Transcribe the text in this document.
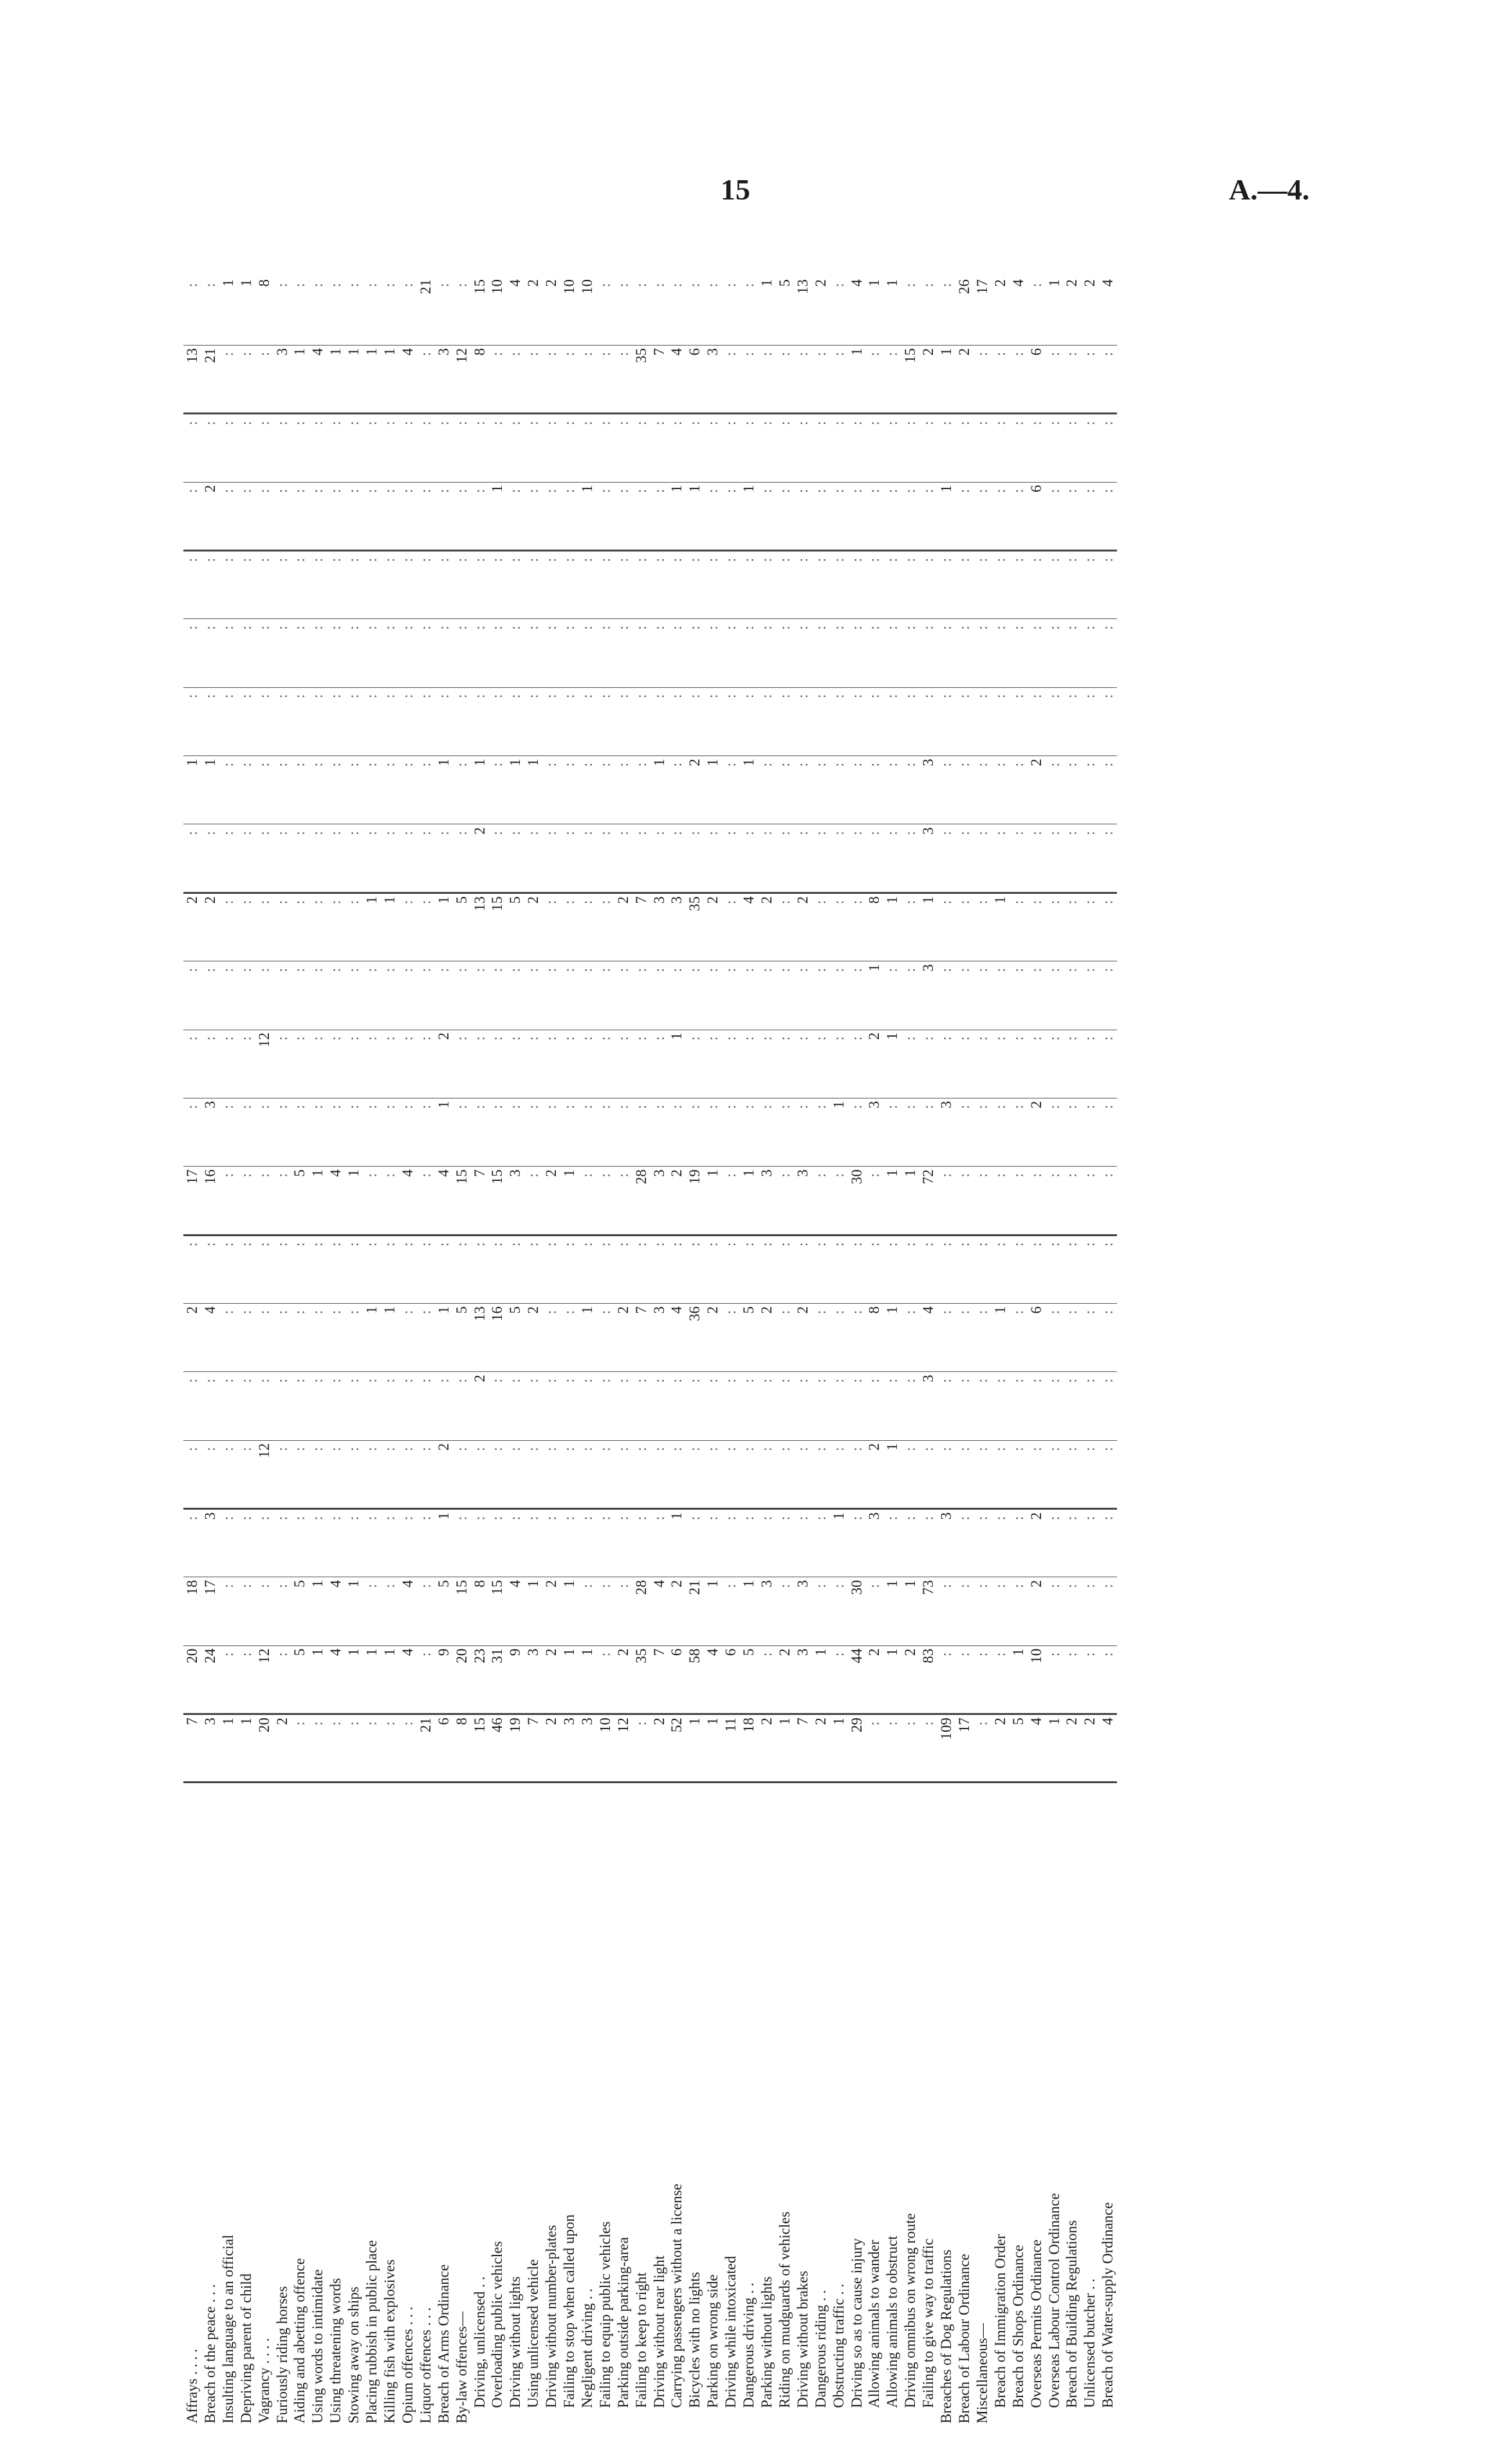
15	A.—4.
Affrays . . . .	7	20	18	:	:	:	2	:	17	:	:	:	2	:	1	:	:	:	:	:	13	:
Breach of the peace . . .	3	24	17	3	:	:	4	:	16	3	:	:	2	:	1	:	:	:	2	:	21	:
Insulting language to an official	1	:	:	:	:	:	:	:	:	:	:	:	:	:	:	:	:	:	:	:	:	1
Depriving parent of child	1	:	:	:	:	:	:	:	:	:	:	:	:	:	:	:	:	:	:	:	:	1
Vagrancy . . . .	20	12	:	:	12	:	:	:	:	:	12	:	:	:	:	:	:	:	:	:	:	8
Furiously riding horses	2	:	:	:	:	:	:	:	:	:	:	:	:	:	:	:	:	:	:	:	3	:
Aiding and abetting offence	:	5	5	:	:	:	:	:	5	:	:	:	:	:	:	:	:	:	:	:	1	:
Using words to intimidate	:	1	1	:	:	:	:	:	1	:	:	:	:	:	:	:	:	:	:	:	4	:
Using threatening words	:	4	4	:	:	:	:	:	4	:	:	:	:	:	:	:	:	:	:	:	1	:
Stowing away on ships	:	1	1	:	:	:	:	:	1	:	:	:	:	:	:	:	:	:	:	:	1	:
Placing rubbish in public place	:	1	:	:	:	:	1	:	:	:	:	:	1	:	:	:	:	:	:	:	1	:
Killing fish with explosives	:	1	:	:	:	:	1	:	:	:	:	:	1	:	:	:	:	:	:	:	1	:
Opium offences . . .	:	4	4	:	:	:	:	:	4	:	:	:	:	:	:	:	:	:	:	:	4	:
Liquor offences . . .	21	:	:	:	:	:	:	:	:	:	:	:	:	:	:	:	:	:	:	:	:	21
Breach of Arms Ordinance	6	9	5	1	2	:	1	:	4	1	2	:	1	:	1	:	:	:	:	:	3	:
By-law offences—	8	20	15	:	:	:	5	:	15	:	:	:	5	:	:	:	:	:	:	:	12	:
Driving, unlicensed . .	15	23	8	:	:	2	13	:	7	:	:	:	13	2	1	:	:	:	:	:	8	15
Overloading public vehicles	46	31	15	:	:	:	16	:	15	:	:	:	15	:	:	:	:	:	1	:	:	10
Driving without lights	19	9	4	:	:	:	5	:	3	:	:	:	5	:	1	:	:	:	:	:	:	4
Using unlicensed vehicle	7	3	1	:	:	:	2	:	:	:	:	:	2	:	1	:	:	:	:	:	:	2
Driving without number-plates	2	2	2	:	:	:	:	:	2	:	:	:	:	:	:	:	:	:	:	:	:	2
Failing to stop when called upon	3	1	1	:	:	:	:	:	1	:	:	:	:	:	:	:	:	:	:	:	:	10
Negligent driving . .	3	1	:	:	:	:	1	:	:	:	:	:	:	:	:	:	:	:	1	:	:	10
Failing to equip public vehicles	10	:	:	:	:	:	:	:	:	:	:	:	:	:	:	:	:	:	:	:	:	:
Parking outside parking-area	12	2	:	:	:	:	2	:	:	:	:	:	2	:	:	:	:	:	:	:	:	:
Failing to keep to right	:	35	28	:	:	:	7	:	28	:	:	:	7	:	:	:	:	:	:	:	35	:
Driving without rear light	2	7	4	:	:	:	3	:	3	:	:	:	3	:	1	:	:	:	:	:	7	:
Carrying passengers without a license	52	6	2	1	:	:	4	:	2	:	1	:	3	:	:	:	:	:	1	:	4	:
Bicycles with no lights	1	58	21	:	:	:	36	:	19	:	:	:	35	:	2	:	:	:	1	:	6	:
Parking on wrong side	1	4	1	:	:	:	2	:	1	:	:	:	2	:	1	:	:	:	:	:	3	:
Driving while intoxicated	11	6	:	:	:	:	:	:	:	:	:	:	:	:	:	:	:	:	:	:	:	:
Dangerous driving . .	18	5	1	:	:	:	5	:	1	:	:	:	4	:	1	:	:	:	1	:	:	:
Parking without lights	2	:	3	:	:	:	2	:	3	:	:	:	2	:	:	:	:	:	:	:	:	1
Riding on mudguards of vehicles	1	2	:	:	:	:	:	:	:	:	:	:	:	:	:	:	:	:	:	:	:	5
Driving without brakes	7	3	3	:	:	:	2	:	3	:	:	:	2	:	:	:	:	:	:	:	:	13
Dangerous riding . .	2	1	:	:	:	:	:	:	:	:	:	:	:	:	:	:	:	:	:	:	:	2
Obstructing traffic . .	1	:	:	1	:	:	:	:	:	1	:	:	:	:	:	:	:	:	:	:	:	:
Driving so as to cause injury	29	44	30	:	:	:	:	:	30	:	:	:	:	:	:	:	:	:	:	:	1	4
Allowing animals to wander	:	2	:	3	2	:	8	:	:	3	2	1	8	:	:	:	:	:	:	:	:	1
Allowing animals to obstruct	:	1	1	:	1	:	1	:	1	:	1	:	1	:	:	:	:	:	:	:	:	1
Driving omnibus on wrong route	:	2	1	:	:	:	:	:	1	:	:	:	:	:	:	:	:	:	:	:	15	:
Failing to give way to traffic	:	83	73	:	:	3	4	:	72	:	:	3	1	3	3	:	:	:	:	:	2	:
Breaches of Dog Regulations	109	:	:	3	:	:	:	:	:	3	:	:	:	:	:	:	:	:	1	:	1	:
Breach of Labour Ordinance	17	:	:	:	:	:	:	:	:	:	:	:	:	:	:	:	:	:	:	:	2	26
Miscellaneous—	:	:	:	:	:	:	:	:	:	:	:	:	:	:	:	:	:	:	:	:	:	17
Breach of Immigration Order	2	:	:	:	:	:	1	:	:	:	:	:	1	:	:	:	:	:	:	:	:	2
Breach of Shops Ordinance	5	1	:	:	:	:	:	:	:	:	:	:	:	:	:	:	:	:	:	:	:	4
Overseas Permits Ordinance	4	10	2	2	:	:	6	:	:	2	:	:	:	:	2	:	:	:	6	:	6	:
Overseas Labour Control Ordinance	1	:	:	:	:	:	:	:	:	:	:	:	:	:	:	:	:	:	:	:	:	1
Breach of Building Regulations	2	:	:	:	:	:	:	:	:	:	:	:	:	:	:	:	:	:	:	:	:	2
Unlicensed butcher . .	2	:	:	:	:	:	:	:	:	:	:	:	:	:	:	:	:	:	:	:	:	2
Breach of Water-supply Ordinance	4	:	:	:	:	:	:	:	:	:	:	:	:	:	:	:	:	:	:	:	:	4
